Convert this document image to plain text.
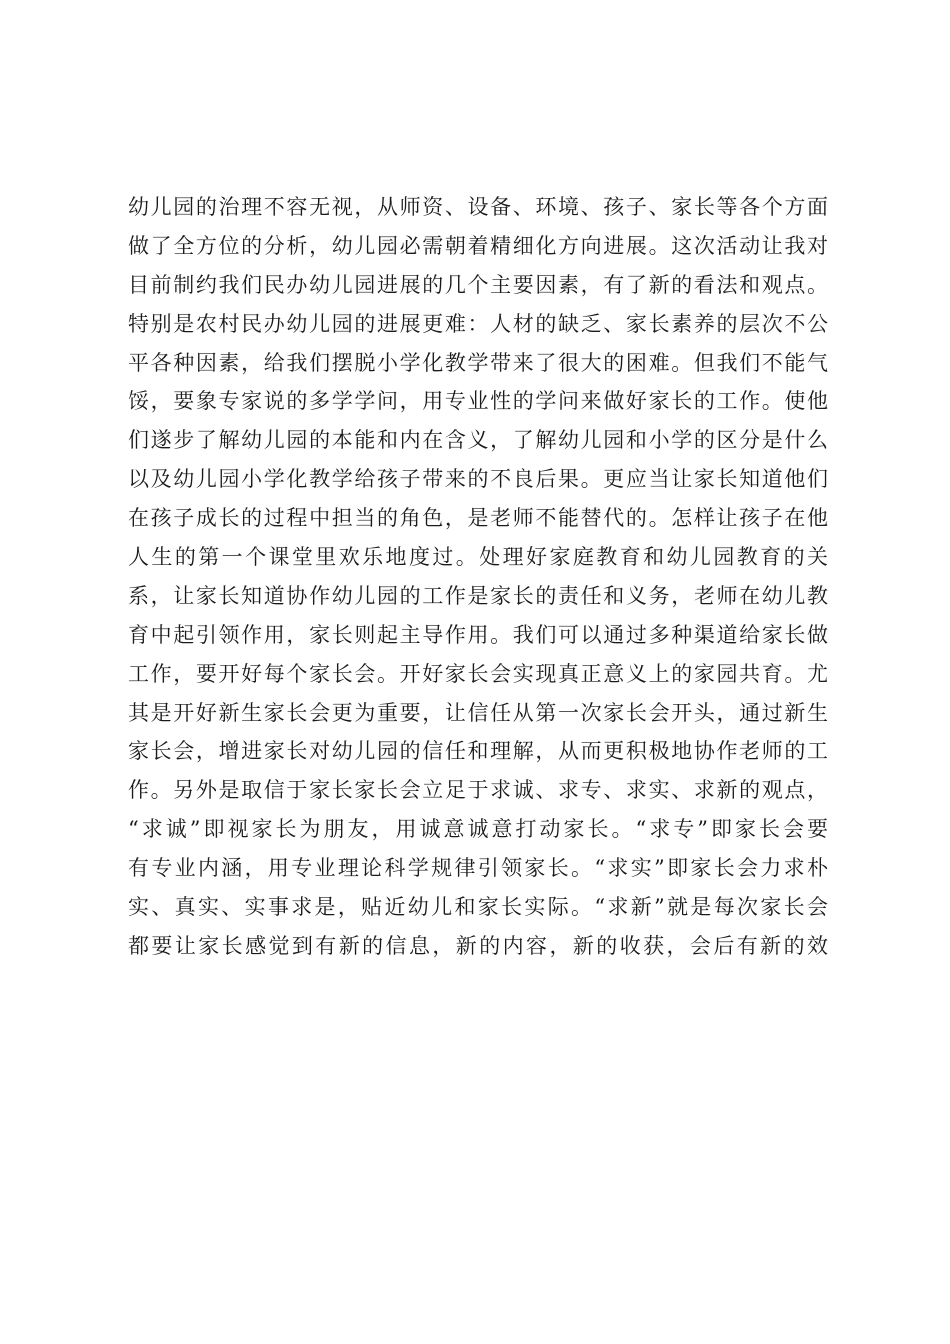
幼儿园的治理不容无视，从师资、设备、环境、孩子、家长等各个方面
做了全方位的分析，幼儿园必需朝着精细化方向进展。这次活动让我对
目前制约我们民办幼儿园进展的几个主要因素，有了新的看法和观点。
特别是农村民办幼儿园的进展更难：人材的缺乏、家长素养的层次不公
平各种因素，给我们摆脱小学化教学带来了很大的困难。但我们不能气
馁，要象专家说的多学学问，用专业性的学问来做好家长的工作。使他
们遂步了解幼儿园的本能和内在含义，了解幼儿园和小学的区分是什么
以及幼儿园小学化教学给孩子带来的不良后果。更应当让家长知道他们
在孩子成长的过程中担当的角色，是老师不能替代的。怎样让孩子在他
人生的第一个课堂里欢乐地度过。处理好家庭教育和幼儿园教育的关
系，让家长知道协作幼儿园的工作是家长的责任和义务，老师在幼儿教
育中起引领作用，家长则起主导作用。我们可以通过多种渠道给家长做
工作，要开好每个家长会。开好家长会实现真正意义上的家园共育。尤
其是开好新生家长会更为重要，让信任从第一次家长会开头，通过新生
家长会，增进家长对幼儿园的信任和理解，从而更积极地协作老师的工
作。另外是取信于家长家长会立足于求诚、求专、求实、求新的观点，
“求诚”即视家长为朋友，用诚意诚意打动家长。“求专”即家长会要
有专业内涵，用专业理论科学规律引领家长。“求实”即家长会力求朴
实、真实、实事求是，贴近幼儿和家长实际。“求新”就是每次家长会
都要让家长感觉到有新的信息，新的内容，新的收获，会后有新的效
